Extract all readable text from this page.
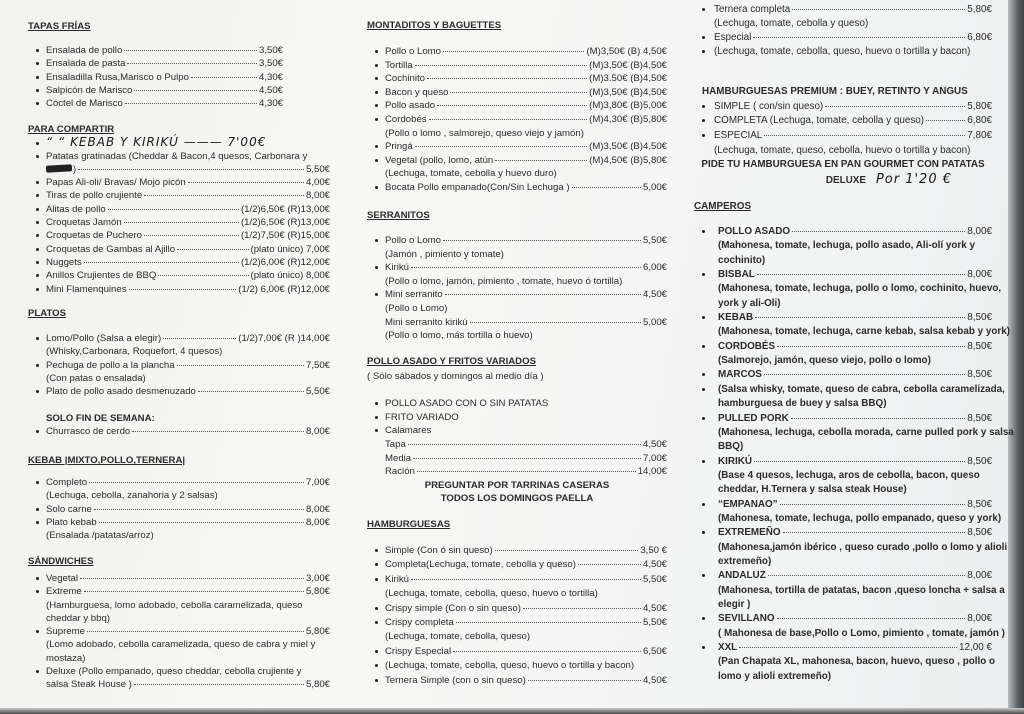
TAPAS FRÍAS
Ensalada de pollo	3,50€
Ensalada de pasta	3,50€
Ensaladilla Rusa,Marisco o Pulpo	4,30€
Salpicón de Marisco	4,50€
Cóctel de Marisco	4,30€
PARA COMPARTIR
“ “ KEBAB Y KIRIKÚ ——— 7'00€
Patatas gratinadas (Cheddar & Bacon,4 quesos, Carbonara y
)	5,50€
Papas Ali-oli/ Bravas/ Mojo picón	4,00€
Tiras de pollo crujiente	8,00€
Alitas de pollo	(1/2)6,50€ (R)13,00€
Croquetas Jamón	(1/2)6,50€ (R)13,00€
Croquetas de Puchero	(1/2)7,50€ (R)15,00€
Croquetas de Gambas al Ajillo	(plato único) 7,00€
Nuggets	(1/2)6,00€ (R)12,00€
Anillos Crujientes de BBQ	(plato único) 8,00€
Mini Flamenquines	(1/2) 6,00€ (R)12,00€
PLATOS
Lomo/Pollo (Salsa a elegir)	(1/2)7,00€ (R )14,00€
(Whisky,Carbonara, Roquefort, 4 quesos)
Pechuga de pollo a la plancha	7,50€
(Con patas o ensalada)
Plato de pollo asado desmenuzado	5,50€
SOLO FIN DE SEMANA:
Churrasco de cerdo	8,00€
KEBAB |MIXTO,POLLO,TERNERA|
Completo	7,00€
(Lechuga, cebolla, zanahoria y 2 salsas)
Solo carne	8,00€
Plato kebab	8,00€
(Ensalada /patatas/arroz)
SÁNDWICHES
Vegetal	3,00€
Extreme	5,80€
(Hamburguesa, lomo adobado, cebolla caramelizada, queso
cheddar y bbq)
Supreme	5,80€
(Lomo adobado, cebolla caramelizada, queso de cabra y miel y
mostaza)
Deluxe (Pollo empanado, queso cheddar, cebolla crujiente y
salsa Steak House )	5,80€
MONTADITOS Y BAGUETTES
Pollo o Lomo	(M)3,50€ (B) 4,50€
Tortilla	(M)3,50€ (B)4,50€
Cochinito	(M)3.50€ (B)4,50€
Bacon y queso	(M)3,50€ (B)4,50€
Pollo asado	(M)3,80€ (B)5,00€
Cordobés	(M)4,30€ (B)5,80€
(Pollo o lomo , salmorejo, queso viejo y jamón)
Pringá	(M)3,50€ (B)4,50€
Vegetal (pollo, lomo, atún	(M)4,50€ (B)5,80€
(Lechuga, tomate, cebolla y huevo duro)
Bocata Pollo empanado(Con/Sin Lechuga )	5,00€
SERRANITOS
Pollo o Lomo	5,50€
(Jamón , pimiento y tomate)
Kirikú	6,00€
(Pollo o lomo, jamón, pimiento , tomate, huevo ó tortilla)
Mini serranito	4,50€
(Pollo o Lomo)
Mini serranito kirikú	5,00€
(Pollo o lomo, más tortilla o huevo)
POLLO ASADO Y FRITOS VARIADOS
( Sólo sábados y domingos al medio día )
POLLO ASADO CON O SIN PATATAS
FRITO VARIADO
Calamares
Tapa	4,50€
Media	7,00€
Ración	14,00€
PREGUNTAR POR TARRINAS CASERAS
TODOS LOS DOMINGOS PAELLA
HAMBURGUESAS
Simple (Con ó sin queso)	3,50 €
Completa(Lechuga, tomate, cebolla y queso)	4,50€
Kirikú	5,50€
(Lechuga, tomate, cebolla, queso, huevo o tortilla)
Crispy simple (Con o sin queso)	4,50€
Crispy completa	5,50€
(Lechuga, tomate, cebolla, queso)
Crispy Especial	6,50€
(Lechuga, tomate, cebolla, queso, huevo o tortilla y bacon)
Ternera Simple (con o sin queso)	4,50€
Ternera completa	5,80€
(Lechuga, tomate, cebolla y queso)
Especial	6,80€
(Lechuga, tomate, cebolla, queso, huevo o tortilla y bacon)
HAMBURGUESAS PREMIUM : BUEY, RETINTO Y ANGUS
SIMPLE ( con/sin queso)	5,80€
COMPLETA (Lechuga, tomate, cebolla y queso)	6,80€
ESPECIAL	7,80€
(Lechuga, tomate, queso, cebolla, huevo o tortilla y bacon)
PIDE TU HAMBURGUESA EN PAN GOURMET CON PATATAS
DELUXE Por 1'20 €
CAMPEROS
POLLO ASADO	8,00€
(Mahonesa, tomate, lechuga, pollo asado, Ali-olí york y
cochinito)
BISBAL	8,00€
(Mahonesa, tomate, lechuga, pollo o lomo, cochinito, huevo,
york y ali-Oli)
KEBAB	8,50€
(Mahonesa, tomate, lechuga, carne kebab, salsa kebab y york)
CORDOBÉS	8,50€
(Salmorejo, jamón, queso viejo, pollo o lomo)
MARCOS	8,50€
(Salsa whisky, tomate, queso de cabra, cebolla caramelizada,
hamburguesa de buey y salsa BBQ)
PULLED PORK	8,50€
(Mahonesa, lechuga, cebolla morada, carne pulled pork y salsa
BBQ)
KIRIKÚ	8,50€
(Base 4 quesos, lechuga, aros de cebolla, bacon, queso
cheddar, H.Ternera y salsa steak House)
“EMPANAO”	8,50€
(Mahonesa, tomate, lechuga, pollo empanado, queso y york)
EXTREMEÑO	8,50€
(Mahonesa,jamón ibérico , queso curado ,pollo o lomo y alioli
extremeño)
ANDALUZ	8,00€
(Mahonesa, tortilla de patatas, bacon ,queso loncha + salsa a
elegir )
SEVILLANO	8,00€
( Mahonesa de base,Pollo o Lomo, pimiento , tomate, jamón )
XXL	12,00 €
(Pan Chapata XL, mahonesa, bacon, huevo, queso , pollo o
lomo y alioli extremeño)
